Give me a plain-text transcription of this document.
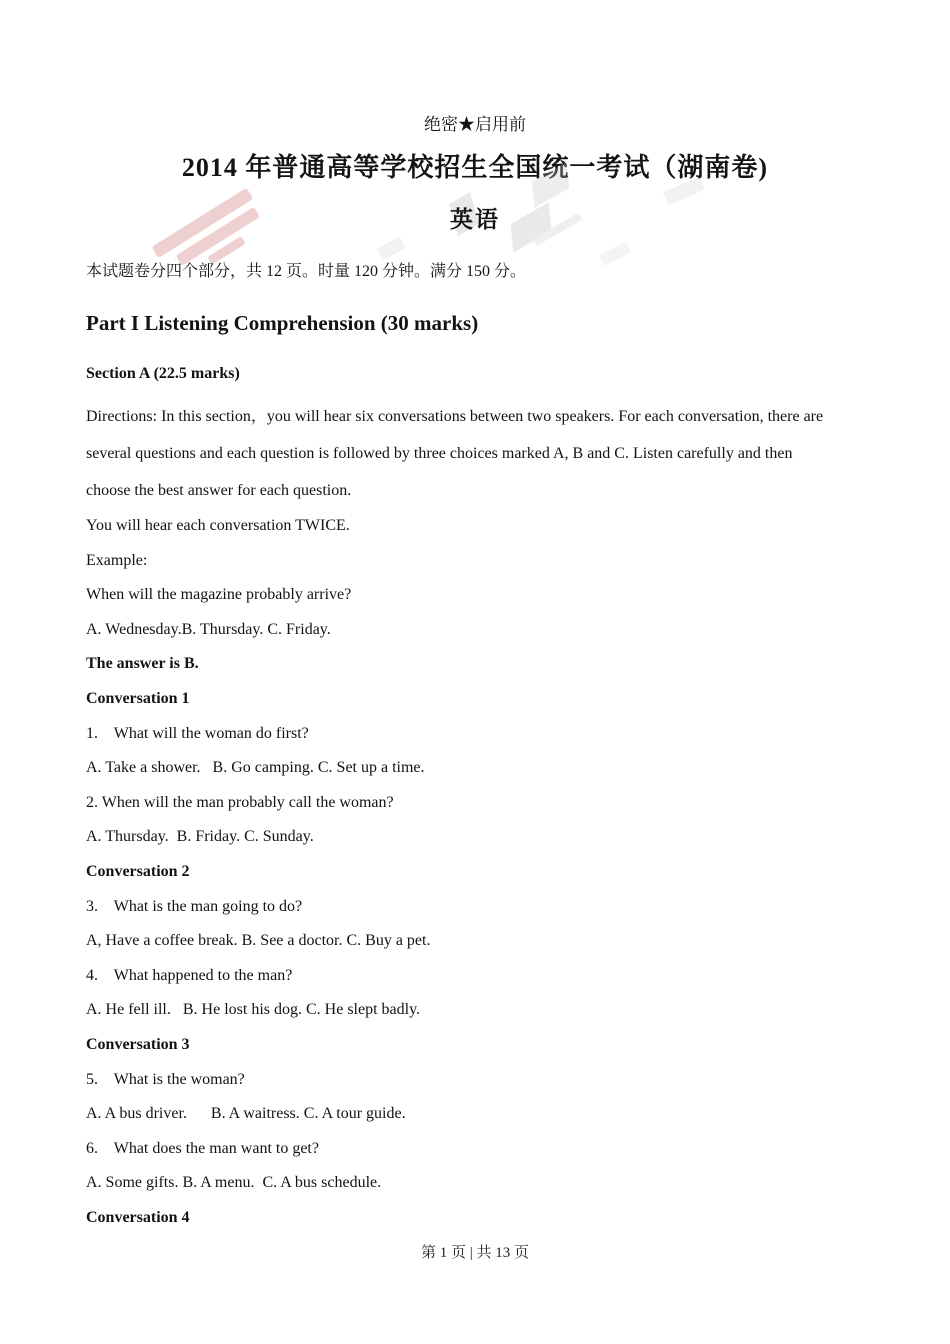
绝密★启用前
2014 年普通高等学校招生全国统一考试（湖南卷)
英语
本试题卷分四个部分，共 12 页。时量 120 分钟。满分 150 分。
Part I Listening Comprehension (30 marks)
Section A (22.5 marks)
Directions: In this section，you will hear six conversations between two speakers. For each conversation, there are
several questions and each question is followed by three choices marked A, B and C. Listen carefully and then
choose the best answer for each question.
You will hear each conversation TWICE.
Example:
When will the magazine probably arrive?
A. Wednesday.B. Thursday. C. Friday.
The answer is B.
Conversation 1
1.    What will the woman do first?
A. Take a shower.   B. Go camping. C. Set up a time.
2. When will the man probably call the woman?
A. Thursday.  B. Friday. C. Sunday.
Conversation 2
3.    What is the man going to do?
A, Have a coffee break. B. See a doctor. C. Buy a pet.
4.    What happened to the man?
A. He fell ill.   B. He lost his dog. C. He slept badly.
Conversation 3
5.    What is the woman?
A. A bus driver.      B. A waitress. C. A tour guide.
6.    What does the man want to get?
A. Some gifts. B. A menu.  C. A bus schedule.
Conversation 4
第 1 页 | 共 13 页
